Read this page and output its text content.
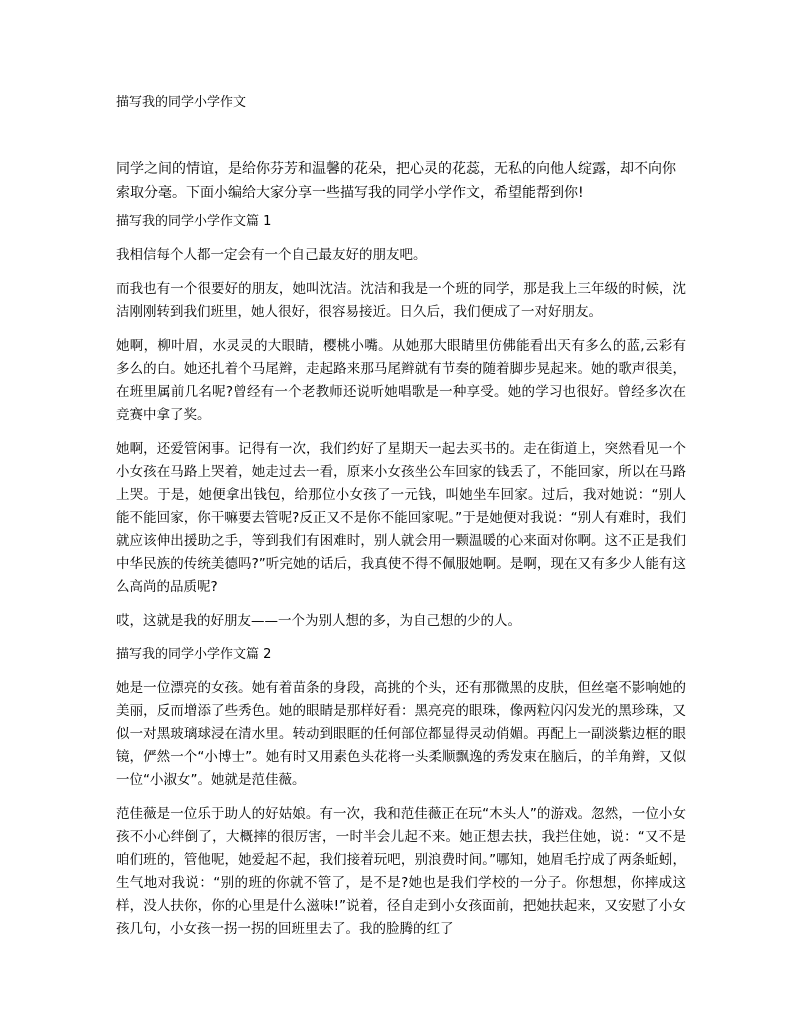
描写我的同学小学作文

同学之间的情谊，是给你芬芳和温馨的花朵，把心灵的花蕊，无私的向他人绽露，却不向你索取分毫。下面小编给大家分享一些描写我的同学小学作文，希望能帮到你!

描写我的同学小学作文篇 1

我相信每个人都一定会有一个自己最友好的朋友吧。

而我也有一个很要好的朋友，她叫沈洁。沈洁和我是一个班的同学，那是我上三年级的时候，沈洁刚刚转到我们班里，她人很好，很容易接近。日久后，我们便成了一对好朋友。

她啊，柳叶眉，水灵灵的大眼睛，樱桃小嘴。从她那大眼睛里仿佛能看出天有多么的蓝,云彩有多么的白。她还扎着个马尾辫，走起路来那马尾辫就有节奏的随着脚步晃起来。她的歌声很美，在班里属前几名呢?曾经有一个老教师还说听她唱歌是一种享受。她的学习也很好。曾经多次在竞赛中拿了奖。

她啊，还爱管闲事。记得有一次，我们约好了星期天一起去买书的。走在街道上，突然看见一个小女孩在马路上哭着，她走过去一看，原来小女孩坐公车回家的钱丢了，不能回家，所以在马路上哭。于是，她便拿出钱包，给那位小女孩了一元钱，叫她坐车回家。过后，我对她说：“别人能不能回家，你干嘛要去管呢?反正又不是你不能回家呢。”于是她便对我说：“别人有难时，我们就应该伸出援助之手，等到我们有困难时，别人就会用一颗温暖的心来面对你啊。这不正是我们中华民族的传统美德吗?”听完她的话后，我真使不得不佩服她啊。是啊，现在又有多少人能有这么高尚的品质呢?

哎，这就是我的好朋友——一个为别人想的多，为自己想的少的人。

描写我的同学小学作文篇 2

她是一位漂亮的女孩。她有着苗条的身段，高挑的个头，还有那微黑的皮肤，但丝毫不影响她的美丽，反而增添了些秀色。她的眼睛是那样好看：黑亮亮的眼珠，像两粒闪闪发光的黑珍珠，又似一对黑玻璃球浸在清水里。转动到眼眶的任何部位都显得灵动俏媚。再配上一副淡紫边框的眼镜，俨然一个“小博士”。她有时又用素色头花将一头柔顺飘逸的秀发束在脑后，的羊角辫，又似一位“小淑女”。她就是范佳薇。

范佳薇是一位乐于助人的好姑娘。有一次，我和范佳薇正在玩“木头人”的游戏。忽然，一位小女孩不小心绊倒了，大概摔的很厉害，一时半会儿起不来。她正想去扶，我拦住她，说：“又不是咱们班的，管他呢，她爱起不起，我们接着玩吧，别浪费时间。”哪知，她眉毛拧成了两条蚯蚓，生气地对我说：“别的班的你就不管了，是不是?她也是我们学校的一分子。你想想，你摔成这样，没人扶你，你的心里是什么滋味!”说着，径自走到小女孩面前，把她扶起来，又安慰了小女孩几句，小女孩一拐一拐的回班里去了。我的脸腾的红了
